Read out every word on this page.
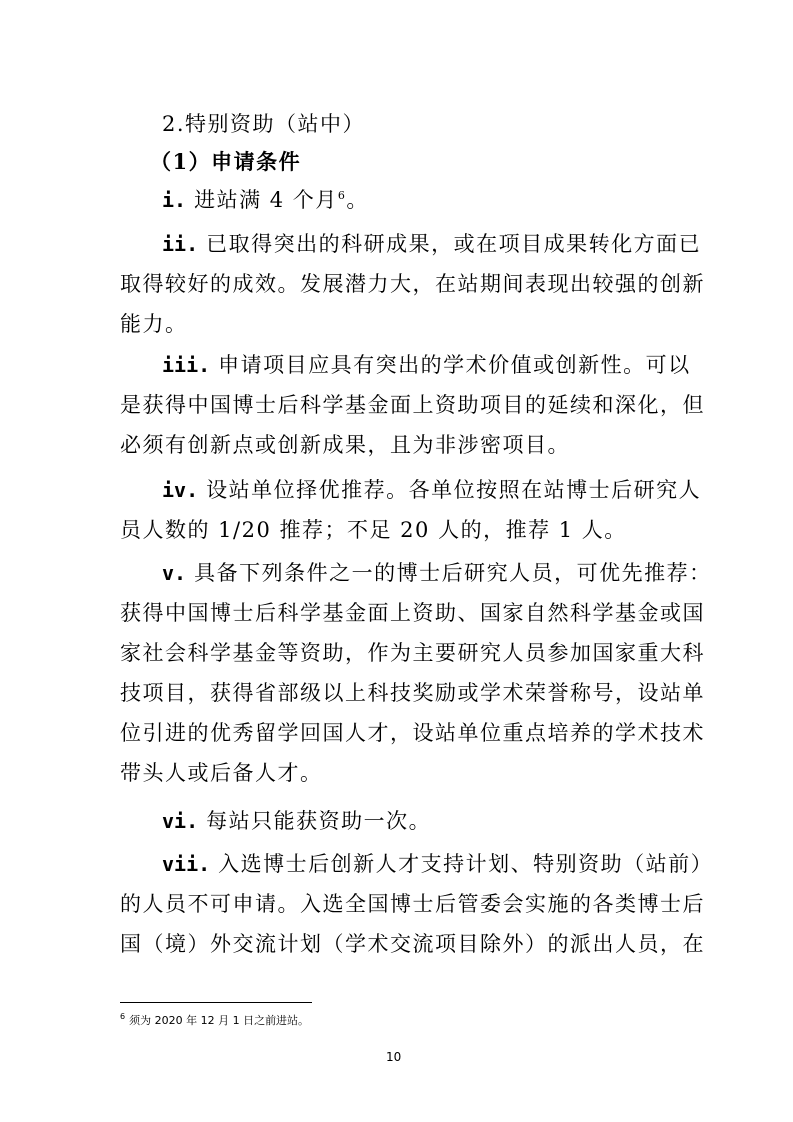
2.特别资助（站中）
（1）申请条件
i. 进站满 4 个月$^6$。
ii. 已取得突出的科研成果，或在项目成果转化方面已
取得较好的成效。发展潜力大，在站期间表现出较强的创新
能力。
iii. 申请项目应具有突出的学术价值或创新性。可以
是获得中国博士后科学基金面上资助项目的延续和深化，但
必须有创新点或创新成果，且为非涉密项目。
iv. 设站单位择优推荐。各单位按照在站博士后研究人
员人数的 1/20 推荐；不足 20 人的，推荐 1 人。
v. 具备下列条件之一的博士后研究人员，可优先推荐：
获得中国博士后科学基金面上资助、国家自然科学基金或国
家社会科学基金等资助，作为主要研究人员参加国家重大科
技项目，获得省部级以上科技奖励或学术荣誉称号，设站单
位引进的优秀留学回国人才，设站单位重点培养的学术技术
带头人或后备人才。
vi. 每站只能获资助一次。
vii. 入选博士后创新人才支持计划、特别资助（站前）
的人员不可申请。入选全国博士后管委会实施的各类博士后
国（境）外交流计划（学术交流项目除外）的派出人员，在
$^6$ 须为 2020 年 12 月 1 日之前进站。
10
